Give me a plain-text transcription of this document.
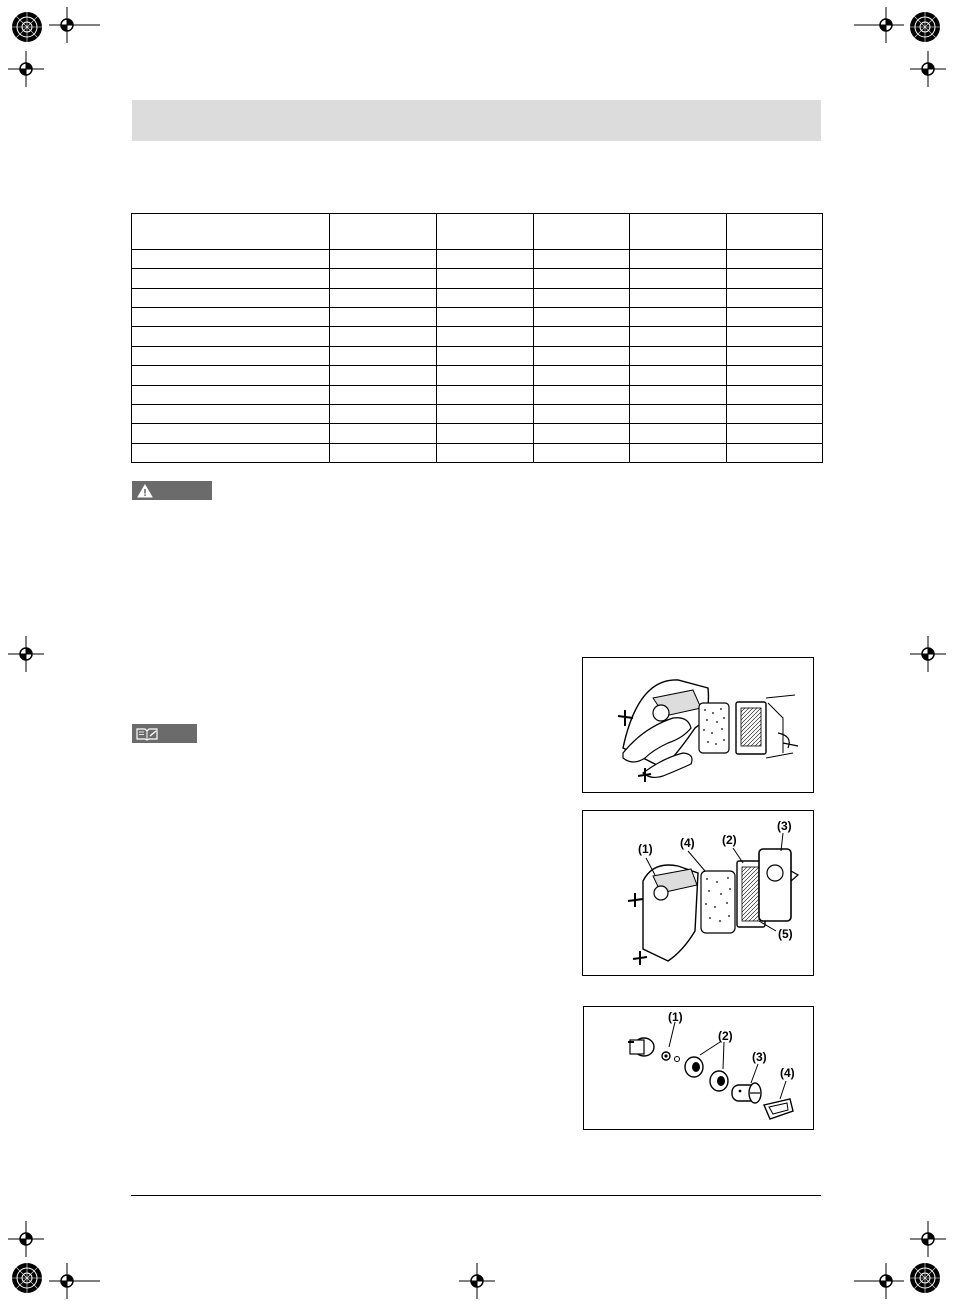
(1) (4) (2)
(3)
(5)
(1)
(2)
(3)
(4)
